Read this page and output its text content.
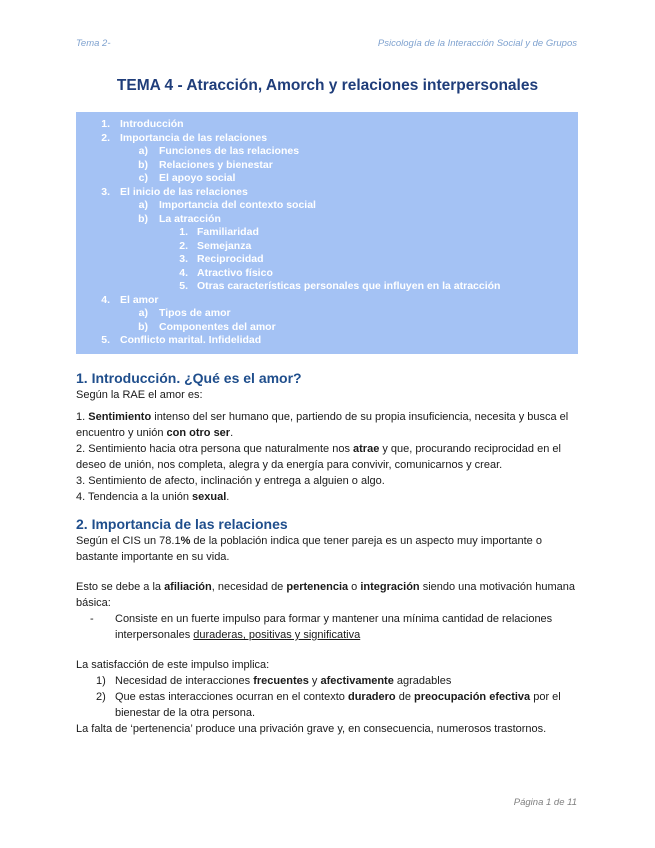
Tema 2-	Psicología de la Interacción Social y de Grupos
TEMA 4 - Atracción, Amorch y relaciones interpersonales
1. Introducción
2. Importancia de las relaciones
a) Funciones de las relaciones
b) Relaciones y bienestar
c) El apoyo social
3. El inicio de las relaciones
a) Importancia del contexto social
b) La atracción
1. Familiaridad
2. Semejanza
3. Reciprocidad
4. Atractivo físico
5. Otras características personales que influyen en la atracción
4. El amor
a) Tipos de amor
b) Componentes del amor
5. Conflicto marital. Infidelidad
1. Introducción. ¿Qué es el amor?

Según la RAE el amor es:

1. Sentimiento intenso del ser humano que, partiendo de su propia insuficiencia, necesita y busca el encuentro y unión con otro ser.

2. Sentimiento hacia otra persona que naturalmente nos atrae y que, procurando reciprocidad en el deseo de unión, nos completa, alegra y da energía para convivir, comunicarnos y crear.

3. Sentimiento de afecto, inclinación y entrega a alguien o algo.

4. Tendencia a la unión sexual.

2. Importancia de las relaciones

Según el CIS un 78.1% de la población indica que tener pareja es un aspecto muy importante o bastante importante en su vida.

Esto se debe a la afiliación, necesidad de pertenencia o integración siendo una motivación humana básica:

- Consiste en un fuerte impulso para formar y mantener una mínima cantidad de relaciones interpersonales duraderas, positivas y significativa

La satisfacción de este impulso implica:

1) Necesidad de interacciones frecuentes y afectivamente agradables
2) Que estas interacciones ocurran en el contexto duradero de preocupación efectiva por el bienestar de la otra persona.

La falta de ‘pertenencia’ produce una privación grave y, en consecuencia, numerosos trastornos.

Página 1 de 11
